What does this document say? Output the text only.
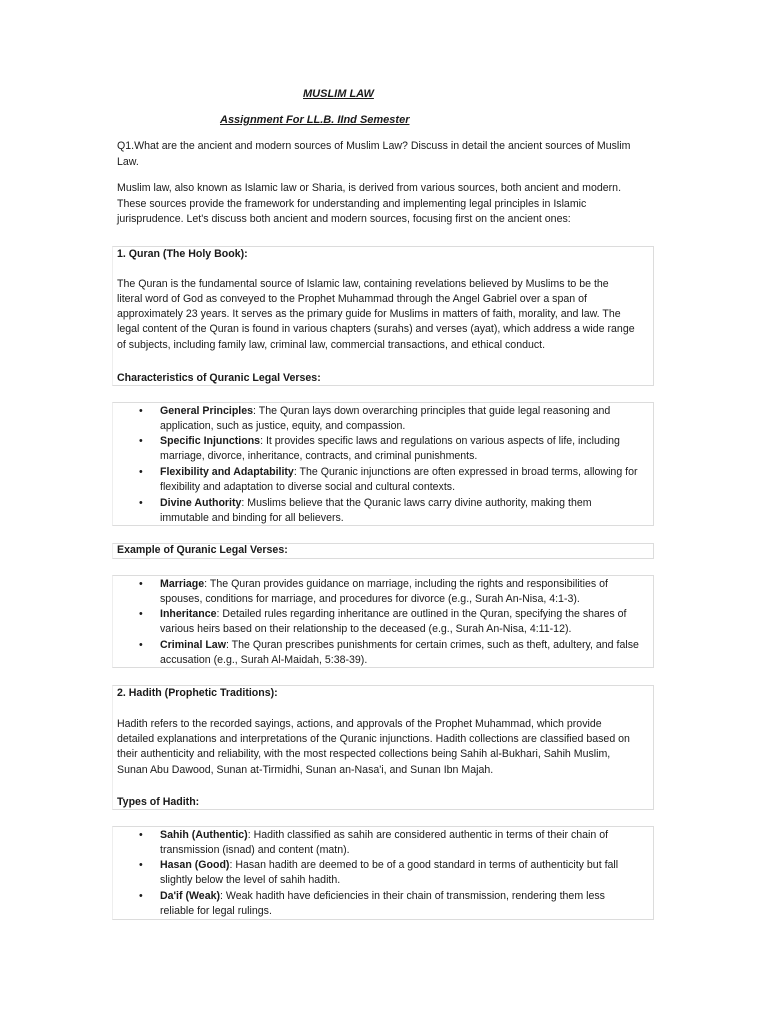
MUSLIM LAW
Assignment For LL.B. IInd Semester
Q1.What are the ancient and modern sources of Muslim Law? Discuss in detail the ancient sources of Muslim
Law.
Muslim law, also known as Islamic law or Sharia, is derived from various sources, both ancient and modern.
These sources provide the framework for understanding and implementing legal principles in Islamic
jurisprudence. Let's discuss both ancient and modern sources, focusing first on the ancient ones:
1. Quran (The Holy Book):
The Quran is the fundamental source of Islamic law, containing revelations believed by Muslims to be the
literal word of God as conveyed to the Prophet Muhammad through the Angel Gabriel over a span of
approximately 23 years. It serves as the primary guide for Muslims in matters of faith, morality, and law. The
legal content of the Quran is found in various chapters (surahs) and verses (ayat), which address a wide range
of subjects, including family law, criminal law, commercial transactions, and ethical conduct.
Characteristics of Quranic Legal Verses:
• General Principles: The Quran lays down overarching principles that guide legal reasoning and
application, such as justice, equity, and compassion.
• Specific Injunctions: It provides specific laws and regulations on various aspects of life, including
marriage, divorce, inheritance, contracts, and criminal punishments.
• Flexibility and Adaptability: The Quranic injunctions are often expressed in broad terms, allowing for
flexibility and adaptation to diverse social and cultural contexts.
• Divine Authority: Muslims believe that the Quranic laws carry divine authority, making them
immutable and binding for all believers.
Example of Quranic Legal Verses:
• Marriage: The Quran provides guidance on marriage, including the rights and responsibilities of
spouses, conditions for marriage, and procedures for divorce (e.g., Surah An-Nisa, 4:1-3).
• Inheritance: Detailed rules regarding inheritance are outlined in the Quran, specifying the shares of
various heirs based on their relationship to the deceased (e.g., Surah An-Nisa, 4:11-12).
• Criminal Law: The Quran prescribes punishments for certain crimes, such as theft, adultery, and false
accusation (e.g., Surah Al-Maidah, 5:38-39).
2. Hadith (Prophetic Traditions):
Hadith refers to the recorded sayings, actions, and approvals of the Prophet Muhammad, which provide
detailed explanations and interpretations of the Quranic injunctions. Hadith collections are classified based on
their authenticity and reliability, with the most respected collections being Sahih al-Bukhari, Sahih Muslim,
Sunan Abu Dawood, Sunan at-Tirmidhi, Sunan an-Nasa'i, and Sunan Ibn Majah.
Types of Hadith:
• Sahih (Authentic): Hadith classified as sahih are considered authentic in terms of their chain of
transmission (isnad) and content (matn).
• Hasan (Good): Hasan hadith are deemed to be of a good standard in terms of authenticity but fall
slightly below the level of sahih hadith.
• Da'if (Weak): Weak hadith have deficiencies in their chain of transmission, rendering them less
reliable for legal rulings.
